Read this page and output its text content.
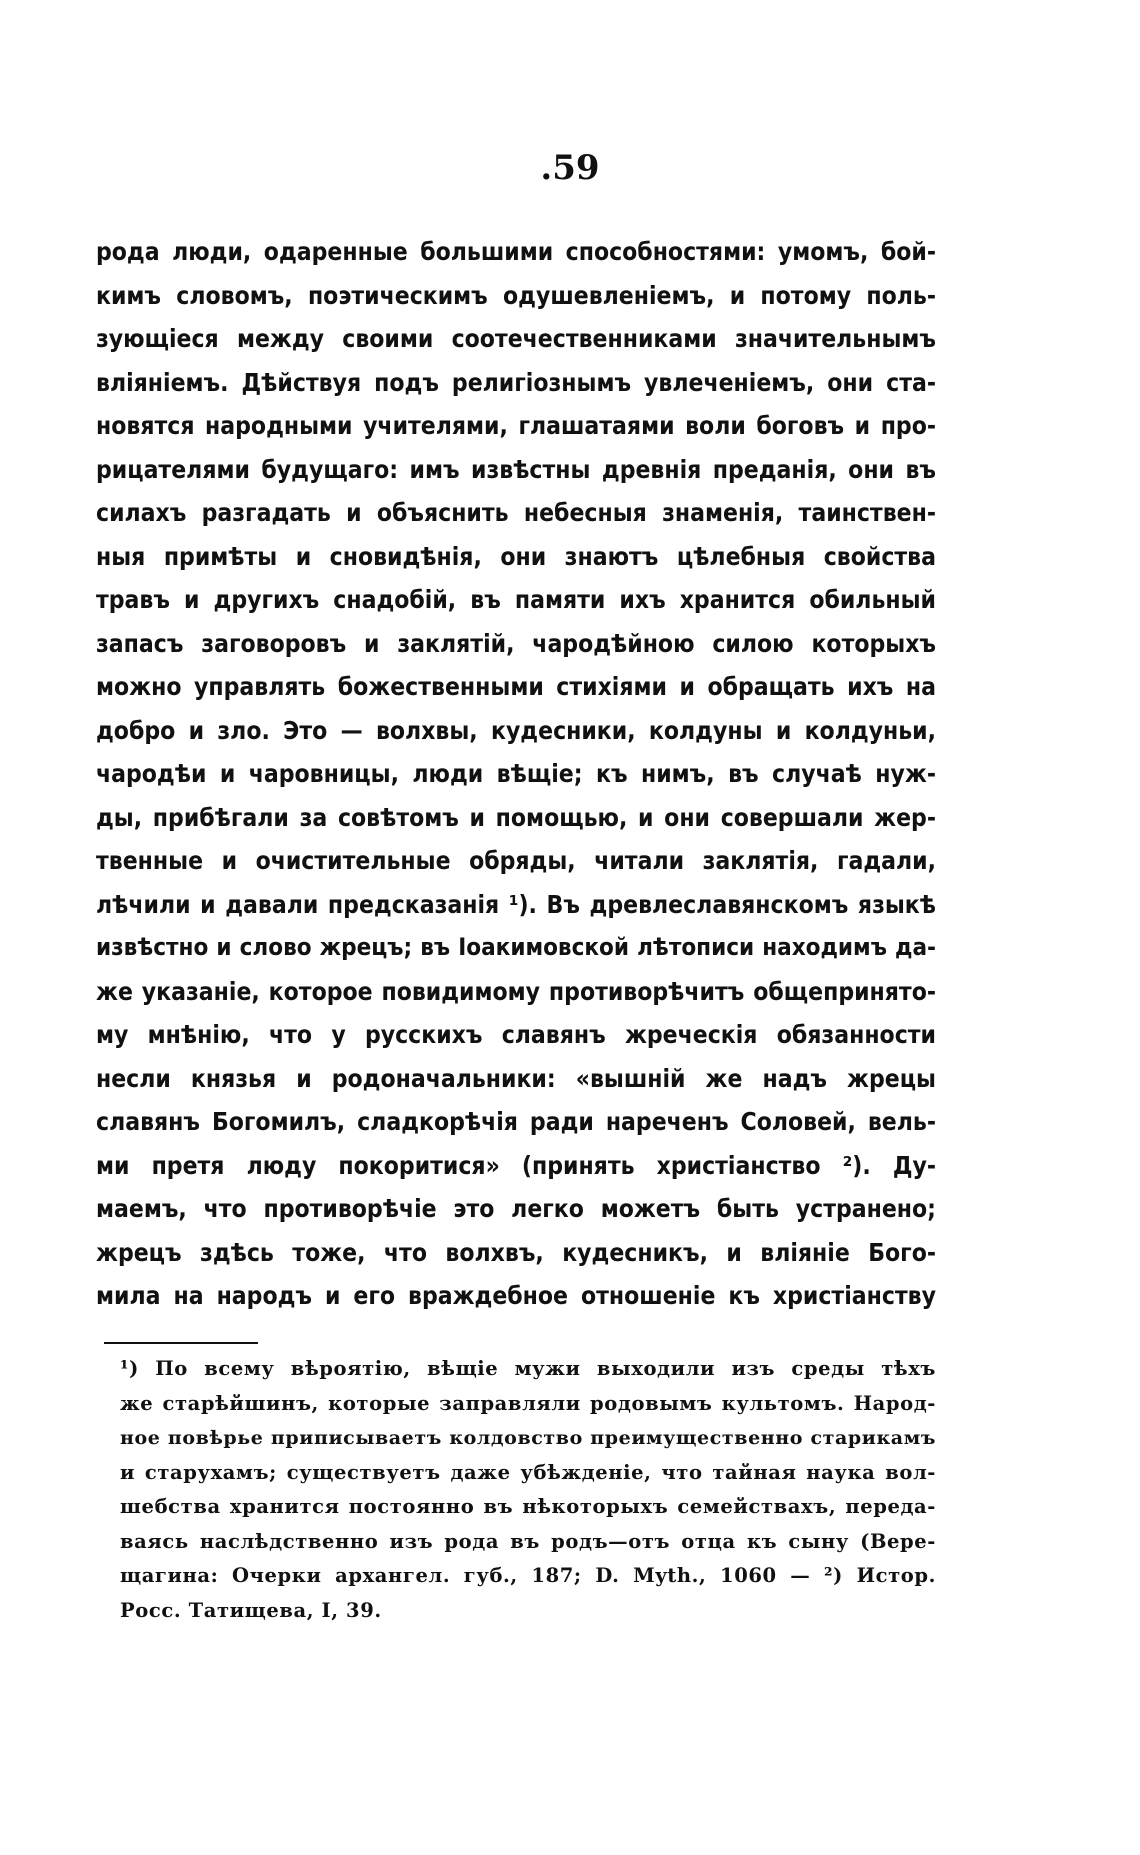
.59
рода люди, одаренные большими способностями: умомъ, бой-
кимъ словомъ, поэтическимъ одушевленіемъ, и потому поль-
зующіеся между своими соотечественниками значительнымъ
вліяніемъ. Дѣйствуя подъ религіознымъ увлеченіемъ, они ста-
новятся народными учителями, глашатаями воли боговъ и про-
рицателями будущаго: имъ извѣстны древнія преданія, они въ
силахъ разгадать и объяснить небесныя знаменія, таинствен-
ныя примѣты и сновидѣнія, они знаютъ цѣлебныя свойства
травъ и другихъ снадобій, въ памяти ихъ хранится обильный
запасъ заговоровъ и заклятій, чародѣйною силою которыхъ
можно управлять божественными стихіями и обращать ихъ на
добро и зло. Это — волхвы, кудесники, колдуны и колдуньи,
чародѣи и чаровницы, люди вѣщіе; къ нимъ, въ случаѣ нуж-
ды, прибѣгали за совѣтомъ и помощью, и они совершали жер-
твенные и очистительные обряды, читали заклятія, гадали,
лѣчили и давали предсказанія ¹). Въ древлеславянскомъ языкѣ
извѣстно и слово жрецъ; въ Іоакимовской лѣтописи находимъ да-
же указаніе, которое повидимому противорѣчитъ общепринято-
му мнѣнію, что у русскихъ славянъ жреческія обязанности
несли князья и родоначальники: «вышній же надъ жрецы
славянъ Богомилъ, сладкорѣчія ради нареченъ Соловей, вель-
ми претя люду покоритися» (принять христіанство ²). Ду-
маемъ, что противорѣчіе это легко можетъ быть устранено;
жрецъ здѣсь тоже, что волхвъ, кудесникъ, и вліяніе Бого-
мила на народъ и его враждебное отношеніе къ христіанству
¹) По всему вѣроятію, вѣщіе мужи выходили изъ среды тѣхъ
же старѣйшинъ, которые заправляли родовымъ культомъ. Народ-
ное повѣрье приписываетъ колдовство преимущественно старикамъ
и старухамъ; существуетъ даже убѣжденіе, что тайная наука вол-
шебства хранится постоянно въ нѣкоторыхъ семействахъ, переда-
ваясь наслѣдственно изъ рода въ родъ—отъ отца къ сыну (Вере-
щагина: Очерки архангел. губ., 187; D. Myth., 1060 — ²) Истор.
Росс. Татищева, I, 39.
